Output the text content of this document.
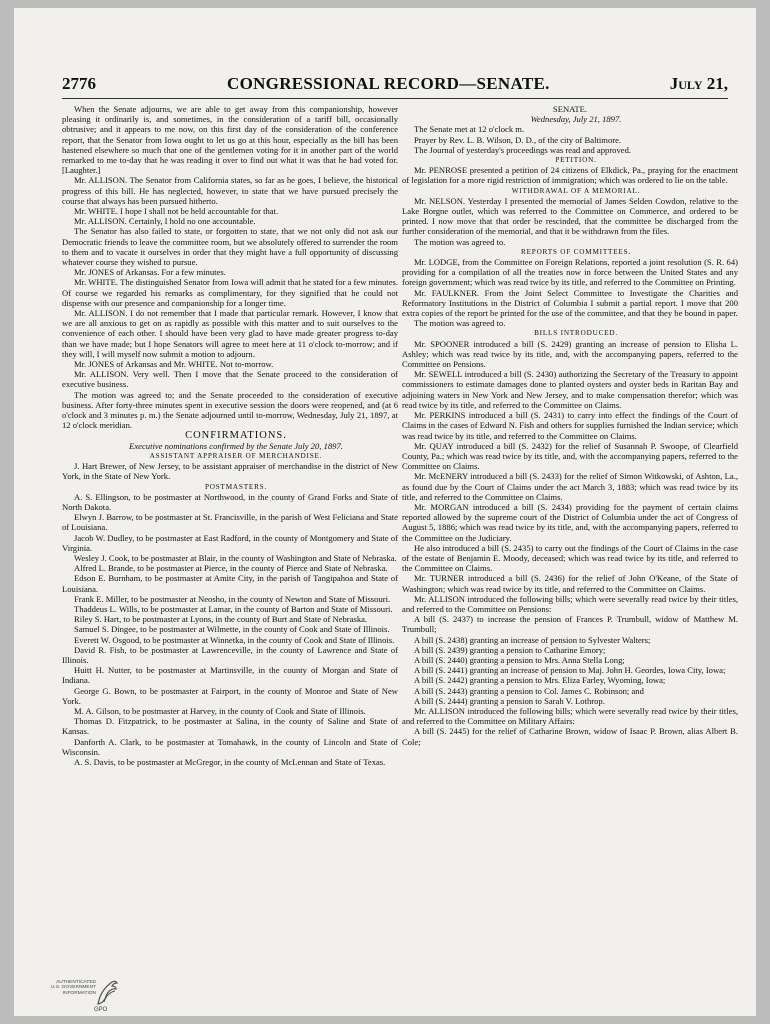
2776	CONGRESSIONAL RECORD—SENATE.	July 21,

When the Senate adjourns, we are able to get away from this companionship, however pleasing it ordinarily is, and sometimes, in the consideration of a tariff bill, occasionally obtrusive; and it appears to me now, on this first day of the consideration of the conference report, that the Senator from Iowa ought to let us go at this hour, especially as the bill has been hastened elsewhere so much that one of the gentlemen voting for it in another part of the world remarked to me to-day that he was reading it over to find out what it was that he had voted for. [Laughter.]

Mr. ALLISON. The Senator from California states, so far as he goes, I believe, the historical progress of this bill. He has neglected, however, to state that we have pursued precisely the course that always has been pursued hitherto.

Mr. WHITE. I hope I shall not be held accountable for that.

Mr. ALLISON. Certainly, I hold no one accountable.

The Senator has also failed to state, or forgotten to state, that we not only did not ask our Democratic friends to leave the committee room, but we absolutely offered to surrender the room to them and to vacate it ourselves in order that they might have a full opportunity of discussing whatever course they wished to pursue.

Mr. JONES of Arkansas. For a few minutes.

Mr. WHITE. The distinguished Senator from Iowa will admit that he stated for a few minutes. Of course we regarded his remarks as complimentary, for they signified that he could not dispense with our presence and companionship for a longer time.

Mr. ALLISON. I do not remember that I made that particular remark. However, I know that we are all anxious to get on as rapidly as possible with this matter and to suit ourselves to the convenience of each other. I should have been very glad to have made greater progress to-day than we have made; but I hope Senators will agree to meet here at 11 o'clock to-morrow; and if they will, I will myself now submit a motion to adjourn.

Mr. JONES of Arkansas and Mr. WHITE. Not to-morrow.

Mr. ALLISON. Very well. Then I move that the Senate proceed to the consideration of executive business.

The motion was agreed to; and the Senate proceeded to the consideration of executive business. After forty-three minutes spent in executive session the doors were reopened, and (at 6 o'clock and 3 minutes p. m.) the Senate adjourned until to-morrow, Wednesday, July 21, 1897, at 12 o'clock meridian.

CONFIRMATIONS.

Executive nominations confirmed by the Senate July 20, 1897.

ASSISTANT APPRAISER OF MERCHANDISE.

J. Hart Brewer, of New Jersey, to be assistant appraiser of merchandise in the district of New York, in the State of New York.

POSTMASTERS.

A. S. Ellingson, to be postmaster at Northwood, in the county of Grand Forks and State of North Dakota.

Elwyn J. Barrow, to be postmaster at St. Francisville, in the parish of West Feliciana and State of Louisiana.

Jacob W. Dudley, to be postmaster at East Radford, in the county of Montgomery and State of Virginia.

Wesley J. Cook, to be postmaster at Blair, in the county of Washington and State of Nebraska.

Alfred L. Brande, to be postmaster at Pierce, in the county of Pierce and State of Nebraska.

Edson E. Burnham, to be postmaster at Amite City, in the parish of Tangipahoa and State of Louisiana.

Frank E. Miller, to be postmaster at Neosho, in the county of Newton and State of Missouri.

Thaddeus L. Wills, to be postmaster at Lamar, in the county of Barton and State of Missouri.

Riley S. Hart, to be postmaster at Lyons, in the county of Burt and State of Nebraska.

Samuel S. Dingee, to be postmaster at Wilmette, in the county of Cook and State of Illinois.

Everett W. Osgood, to be postmaster at Winnetka, in the county of Cook and State of Illinois.

David R. Fish, to be postmaster at Lawrenceville, in the county of Lawrence and State of Illinois.

Huitt H. Nutter, to be postmaster at Martinsville, in the county of Morgan and State of Indiana.

George G. Bown, to be postmaster at Fairport, in the county of Monroe and State of New York.

M. A. Gilson, to be postmaster at Harvey, in the county of Cook and State of Illinois.

Thomas D. Fitzpatrick, to be postmaster at Salina, in the county of Saline and State of Kansas.

Danforth A. Clark, to be postmaster at Tomahawk, in the county of Lincoln and State of Wisconsin.

A. S. Davis, to be postmaster at McGregor, in the county of McLennan and State of Texas.

SENATE.

Wednesday, July 21, 1897.

The Senate met at 12 o'clock m.

Prayer by Rev. L. B. Wilson, D. D., of the city of Baltimore.

The Journal of yesterday's proceedings was read and approved.

PETITION.

Mr. PENROSE presented a petition of 24 citizens of Elkdick, Pa., praying for the enactment of legislation for a more rigid restriction of immigration; which was ordered to lie on the table.

WITHDRAWAL OF A MEMORIAL.

Mr. NELSON. Yesterday I presented the memorial of James Selden Cowdon, relative to the Lake Borgne outlet, which was referred to the Committee on Commerce, and ordered to be printed. I now move that that order be rescinded, that the committee be discharged from the further consideration of the memorial, and that it be withdrawn from the files.

The motion was agreed to.

REPORTS OF COMMITTEES.

Mr. LODGE, from the Committee on Foreign Relations, reported a joint resolution (S. R. 64) providing for a compilation of all the treaties now in force between the United States and any foreign government; which was read twice by its title, and referred to the Committee on Printing.

Mr. FAULKNER. From the Joint Select Committee to Investigate the Charities and Reformatory Institutions in the District of Columbia I submit a partial report. I move that 200 extra copies of the report be printed for the use of the committee, and that they be bound in paper.

The motion was agreed to.

BILLS INTRODUCED.

Mr. SPOONER introduced a bill (S. 2429) granting an increase of pension to Elisha L. Ashley; which was read twice by its title, and, with the accompanying papers, referred to the Committee on Pensions.

Mr. SEWELL introduced a bill (S. 2430) authorizing the Secretary of the Treasury to appoint commissioners to estimate damages done to planted oysters and oyster beds in Raritan Bay and adjoining waters in New York and New Jersey, and to make compensation therefor; which was read twice by its title, and referred to the Committee on Claims.

Mr. PERKINS introduced a bill (S. 2431) to carry into effect the findings of the Court of Claims in the cases of Edward N. Fish and others for supplies furnished the Indian service; which was read twice by its title, and referred to the Committee on Claims.

Mr. QUAY introduced a bill (S. 2432) for the relief of Susannah P. Swoope, of Clearfield County, Pa.; which was read twice by its title, and, with the accompanying papers, referred to the Committee on Claims.

Mr. McENERY introduced a bill (S. 2433) for the relief of Simon Witkowski, of Ashton, La., as found due by the Court of Claims under the act March 3, 1883; which was read twice by its title, and referred to the Committee on Claims.

Mr. MORGAN introduced a bill (S. 2434) providing for the payment of certain claims reported allowed by the supreme court of the District of Columbia under the act of Congress of August 5, 1886; which was read twice by its title, and, with the accompanying papers, referred to the Committee on the Judiciary.

He also introduced a bill (S. 2435) to carry out the findings of the Court of Claims in the case of the estate of Benjamin E. Moody, deceased; which was read twice by its title, and referred to the Committee on Claims.

Mr. TURNER introduced a bill (S. 2436) for the relief of John O'Keane, of the State of Washington; which was read twice by its title, and referred to the Committee on Claims.

Mr. ALLISON introduced the following bills; which were severally read twice by their titles, and referred to the Committee on Pensions:

A bill (S. 2437) to increase the pension of Frances P. Trumbull, widow of Matthew M. Trumbull;

A bill (S. 2438) granting an increase of pension to Sylvester Walters;

A bill (S. 2439) granting a pension to Catharine Emory;

A bill (S. 2440) granting a pension to Mrs. Anna Stella Long;

A bill (S. 2441) granting an increase of pension to Maj. John H. Geordes, Iowa City, Iowa;

A bill (S. 2442) granting a pension to Mrs. Eliza Farley, Wyoming, Iowa;

A bill (S. 2443) granting a pension to Col. James C. Robinson; and

A bill (S. 2444) granting a pension to Sarah V. Lothrop.

Mr. ALLISON introduced the following bills; which were severally read twice by their titles, and referred to the Committee on Military Affairs:

A bill (S. 2445) for the relief of Catharine Brown, widow of Isaac P. Brown, alias Albert B. Cole;

AUTHENTICATED
U.S. GOVERNMENT
INFORMATION
GPO
